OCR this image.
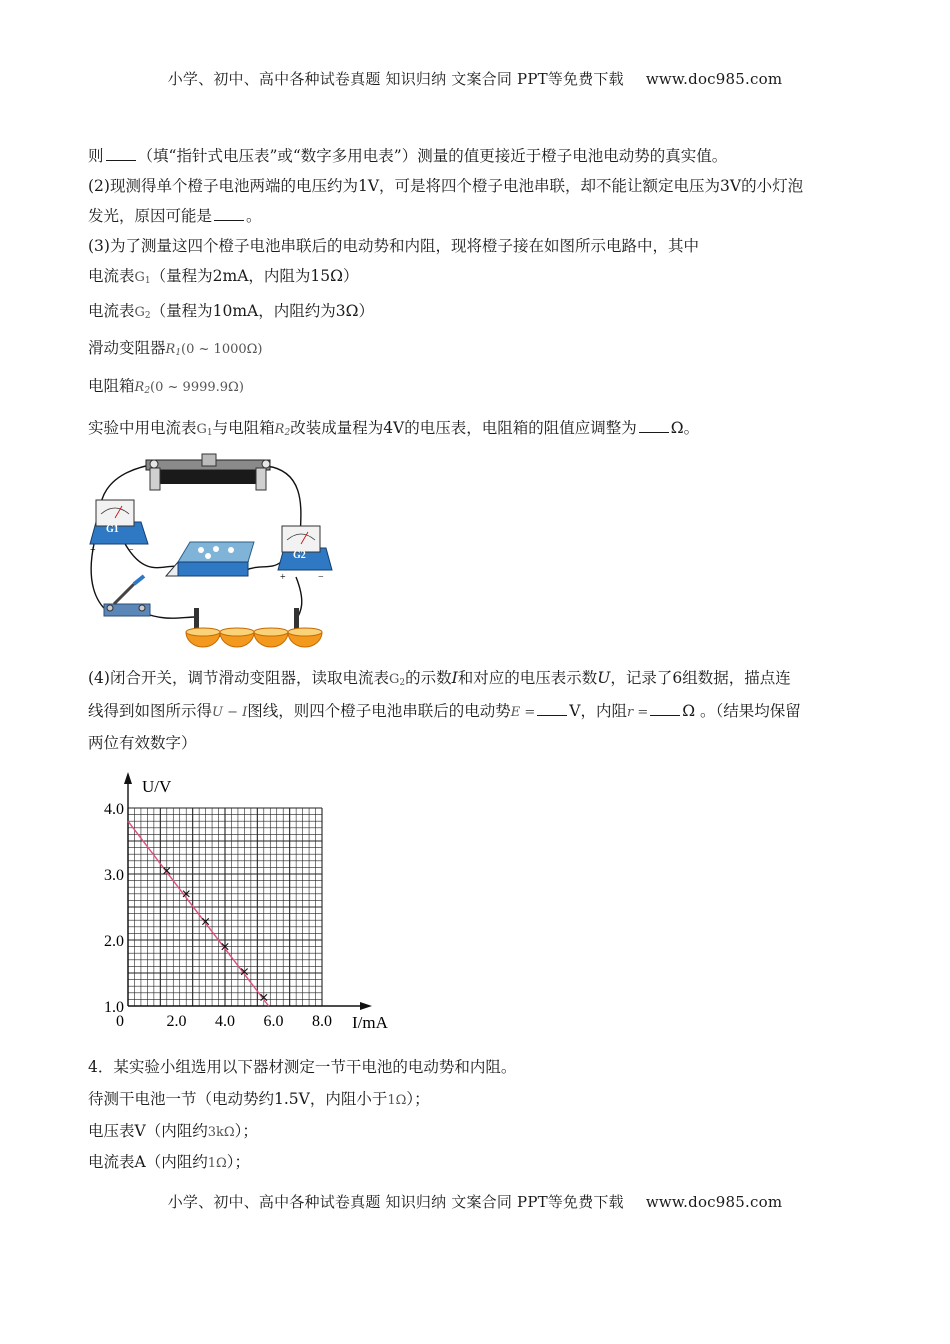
小学、初中、高中各种试卷真题 知识归纳 文案合同 PPT等免费下载 www.doc985.com
则 （填“指针式电压表”或“数字多用电表”）测量的值更接近于橙子电池电动势的真实值。
(2)现测得单个橙子电池两端的电压约为1V，可是将四个橙子电池串联，却不能让额定电压为3V的小灯泡
发光，原因可能是 。
(3)为了测量这四个橙子电池串联后的电动势和内阻，现将橙子接在如图所示电路中，其中
电流表$G_1$（量程为2mA，内阻为15Ω）
电流表$G_2$（量程为10mA，内阻约为3Ω）
滑动变阻器$R_1(0$ ~ 1000Ω)
电阻箱$R_2(0$ ~ 9999.9Ω)
实验中用电流表$G_1$与电阻箱$R_2$改装成量程为4V的电压表，电阻箱的阻值应调整为 Ω。
G1
+	−	G2
+	−
(4)闭合开关，调节滑动变阻器，读取电流表$G_2$的示数I和对应的电压表示数U，记录了6组数据，描点连
线得到如图所示得U − I图线，则四个橙子电池串联后的电动势E = V，内阻r = Ω 。（结果均保留
两位有效数字）
0	2.0 4.0 6.0 8.0
1.0
2.0
3.0
4.0
U/V
I/mA
4．某实验小组选用以下器材测定一节干电池的电动势和内阻。
待测干电池一节（电动势约1.5V，内阻小于1Ω）；
电压表V（内阻约3kΩ）；
电流表A（内阻约1Ω）；
小学、初中、高中各种试卷真题 知识归纳 文案合同 PPT等免费下载 www.doc985.com
